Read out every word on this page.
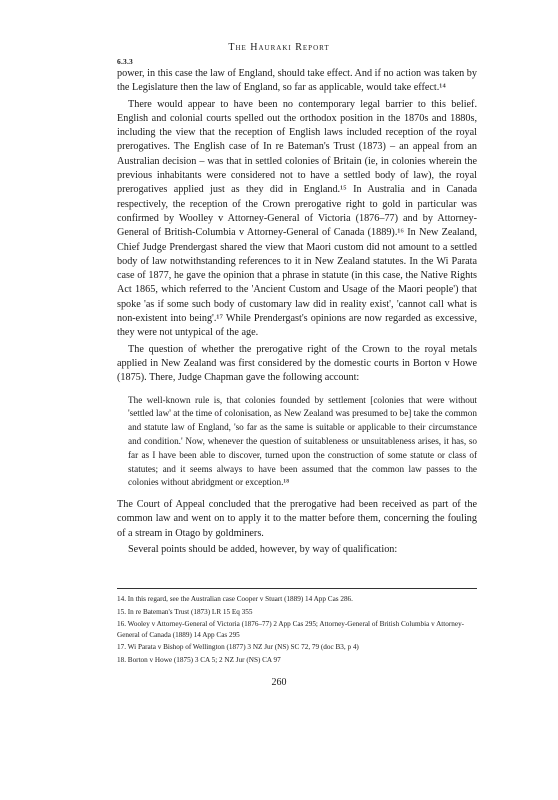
The Hauraki Report
6.3.3

power, in this case the law of England, should take effect. And if no action was taken by the Legislature then the law of England, so far as applicable, would take effect.¹⁴

There would appear to have been no contemporary legal barrier to this belief. English and colonial courts spelled out the orthodox position in the 1870s and 1880s, including the view that the reception of English laws included reception of the royal prerogatives. The English case of In re Bateman's Trust (1873) – an appeal from an Australian decision – was that in settled colonies of Britain (ie, in colonies wherein the previous inhabitants were considered not to have a settled body of law), the royal prerogatives applied just as they did in England.¹⁵ In Australia and in Canada respectively, the reception of the Crown prerogative right to gold in particular was confirmed by Woolley v Attorney-General of Victoria (1876–77) and by Attorney-General of British-Columbia v Attorney-General of Canada (1889).¹⁶ In New Zealand, Chief Judge Prendergast shared the view that Maori custom did not amount to a settled body of law notwithstanding references to it in New Zealand statutes. In the Wi Parata case of 1877, he gave the opinion that a phrase in statute (in this case, the Native Rights Act 1865, which referred to the 'Ancient Custom and Usage of the Maori people') that spoke 'as if some such body of customary law did in reality exist', 'cannot call what is non-existent into being'.¹⁷ While Prendergast's opinions are now regarded as excessive, they were not untypical of the age.

The question of whether the prerogative right of the Crown to the royal metals applied in New Zealand was first considered by the domestic courts in Borton v Howe (1875). There, Judge Chapman gave the following account:

The well-known rule is, that colonies founded by settlement [colonies that were without 'settled law' at the time of colonisation, as New Zealand was presumed to be] take the common and statute law of England, 'so far as the same is suitable or applicable to their circumstance and condition.' Now, whenever the question of suitableness or unsuitableness arises, it has, so far as I have been able to discover, turned upon the construction of some statute or class of statutes; and it seems always to have been assumed that the common law passes to the colonies without abridgment or exception.¹⁸

The Court of Appeal concluded that the prerogative had been received as part of the common law and went on to apply it to the matter before them, concerning the fouling of a stream in Otago by goldminers.

Several points should be added, however, by way of qualification:

14. In this regard, see the Australian case Cooper v Stuart (1889) 14 App Cas 286.

15. In re Bateman's Trust (1873) LR 15 Eq 355

16. Wooley v Attorney-General of Victoria (1876–77) 2 App Cas 295; Attorney-General of British Columbia v Attorney-General of Canada (1889) 14 App Cas 295

17. Wi Parata v Bishop of Wellington (1877) 3 NZ Jur (NS) SC 72, 79 (doc B3, p 4)

18. Borton v Howe (1875) 3 CA 5; 2 NZ Jur (NS) CA 97

260
